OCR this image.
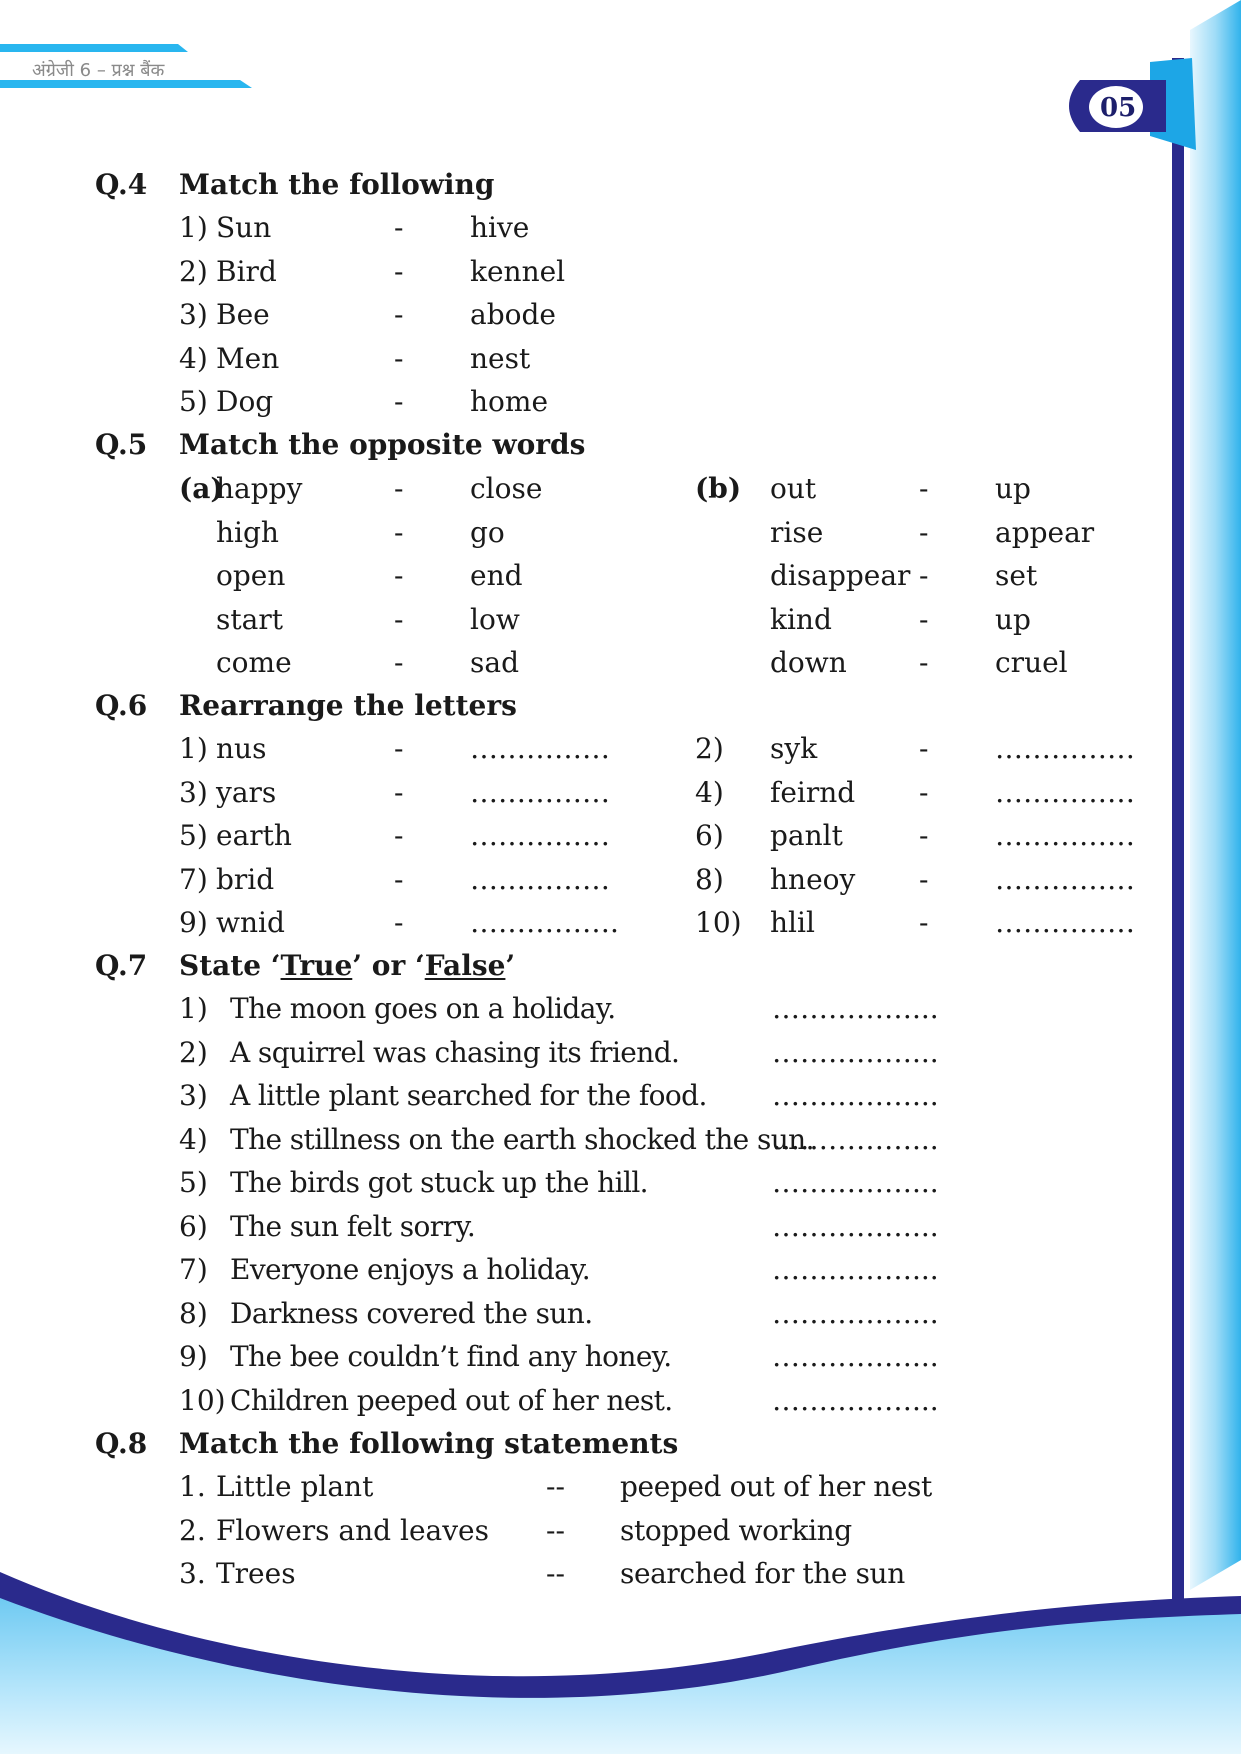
अंग्रेजी 6 – प्रश्न बैंक
05
Q.4 Match the following
1) Sun	- hive
2) Bird	- kennel
3) Bee	- abode
4) Men	- nest
5) Dog	- home
Q.5 Match the opposite words
(a)	(b)
happy	- close
high	- go
open	- end
start	- low
come	- sad
out	- up
rise	- appear
disappear - set
kind	- up
down	- cruel
Q.6 Rearrange the letters
1) nus	- ……………	2) syk	- ……………
3) yars	- ……………	4) feirnd - ……………
5) earth	- ……………	6) panlt	- ……………
7) brid	- ……………	8) hneoy - ……………
9) wnid	- …………….	10) hlil	- ……………
Q.7 State ‘True’ or ‘False’
1) The moon goes on a holiday.	……………...
2) A squirrel was chasing its friend.	……………...
3) A little plant searched for the food. ……………...
4) The stillness on the earth shocked the sun.
……………...
5) The birds got stuck up the hill.	……………...
6) The sun felt sorry.	……………...
7) Everyone enjoys a holiday.	……………...
8) Darkness covered the sun.	……………...
9) The bee couldn’t find any honey.	……………...
10) Children peeped out of her nest.	……………...
Q.8 Match the following statements
1. Little plant	-- peeped out of her nest
2. Flowers and leaves -- stopped working
3. Trees	-- searched for the sun
